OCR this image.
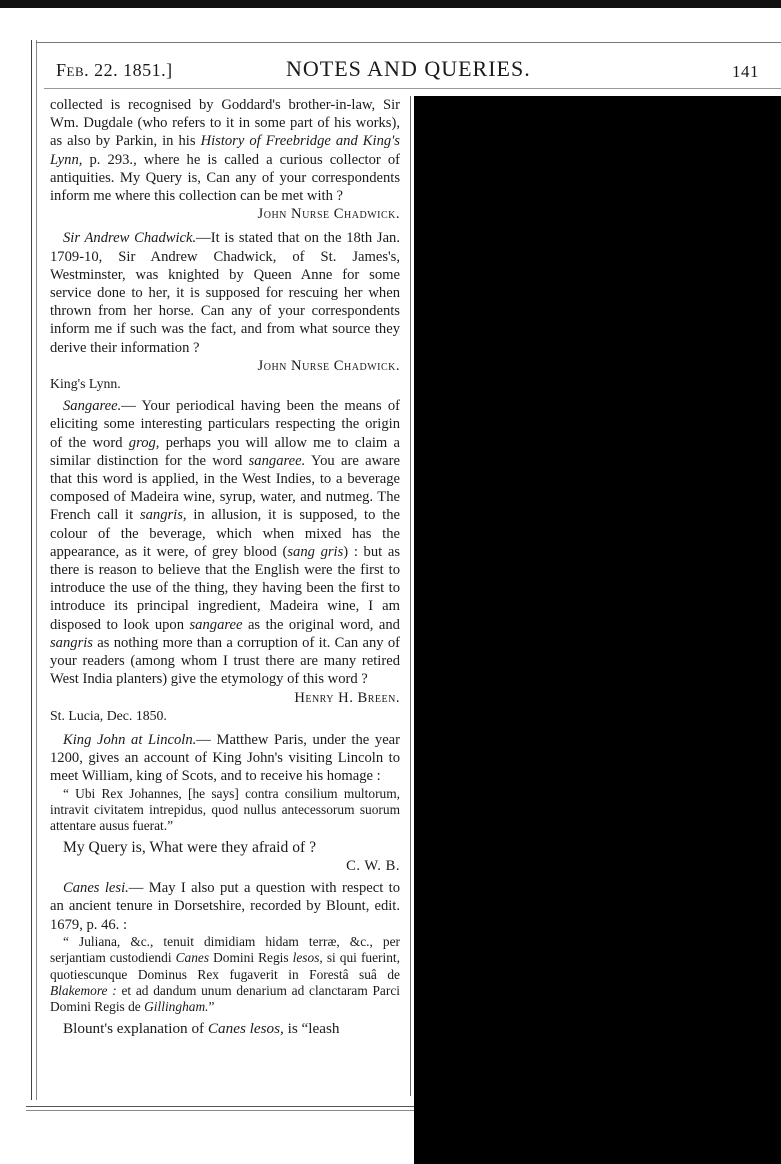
Feb. 22. 1851.]	NOTES AND QUERIES.	141

collected is recognised by Goddard's brother-in-law, Sir Wm. Dugdale (who refers to it in some part of his works), as also by Parkin, in his History of Freebridge and King's Lynn, p. 293., where he is called a curious collector of antiquities. My Query is, Can any of your correspondents inform me where this collection can be met with ?

John Nurse Chadwick.

Sir Andrew Chadwick.—It is stated that on the 18th Jan. 1709-10, Sir Andrew Chadwick, of St. James's, Westminster, was knighted by Queen Anne for some service done to her, it is supposed for rescuing her when thrown from her horse. Can any of your correspondents inform me if such was the fact, and from what source they derive their information ?

John Nurse Chadwick.

King's Lynn.

Sangaree.— Your periodical having been the means of eliciting some interesting particulars respecting the origin of the word grog, perhaps you will allow me to claim a similar distinction for the word sangaree. You are aware that this word is applied, in the West Indies, to a beverage composed of Madeira wine, syrup, water, and nutmeg. The French call it sangris, in allusion, it is supposed, to the colour of the beverage, which when mixed has the appearance, as it were, of grey blood (sang gris) : but as there is reason to believe that the English were the first to introduce the use of the thing, they having been the first to introduce its principal ingredient, Madeira wine, I am disposed to look upon sangaree as the original word, and sangris as nothing more than a corruption of it. Can any of your readers (among whom I trust there are many retired West India planters) give the etymology of this word ?

Henry H. Breen.

St. Lucia, Dec. 1850.

King John at Lincoln.— Matthew Paris, under the year 1200, gives an account of King John's visiting Lincoln to meet William, king of Scots, and to receive his homage :

“ Ubi Rex Johannes, [he says] contra consilium multorum, intravit civitatem intrepidus, quod nullus antecessorum suorum attentare ausus fuerat.”

My Query is, What were they afraid of ?

C. W. B.

Canes lesi.— May I also put a question with respect to an ancient tenure in Dorsetshire, recorded by Blount, edit. 1679, p. 46. :

“ Juliana, &c., tenuit dimidiam hidam terræ, &c., per serjantiam custodiendi Canes Domini Regis lesos, si qui fuerint, quotiescunque Dominus Rex fugaverit in Forestâ suâ de Blakemore : et ad dandum unum denarium ad clanctaram Parci Domini Regis de Gillingham.”

Blount's explanation of Canes lesos, is “leash
